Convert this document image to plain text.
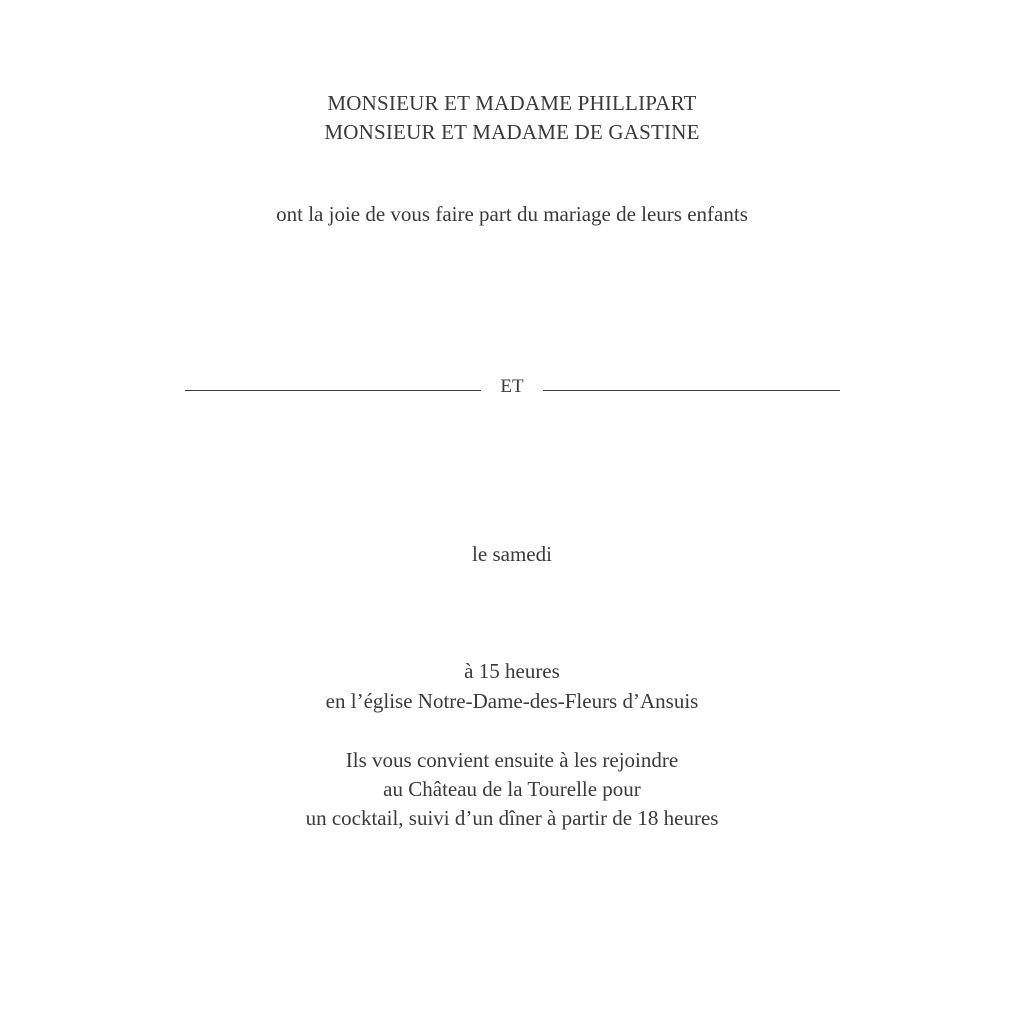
MONSIEUR ET MADAME PHILLIPART
MONSIEUR ET MADAME DE GASTINE
ont la joie de vous faire part du mariage de leurs enfants
ET
le samedi
à 15 heures
en l’église Notre-Dame-des-Fleurs d’Ansuis
Ils vous convient ensuite à les rejoindre
au Château de la Tourelle pour
un cocktail, suivi d’un dîner à partir de 18 heures
